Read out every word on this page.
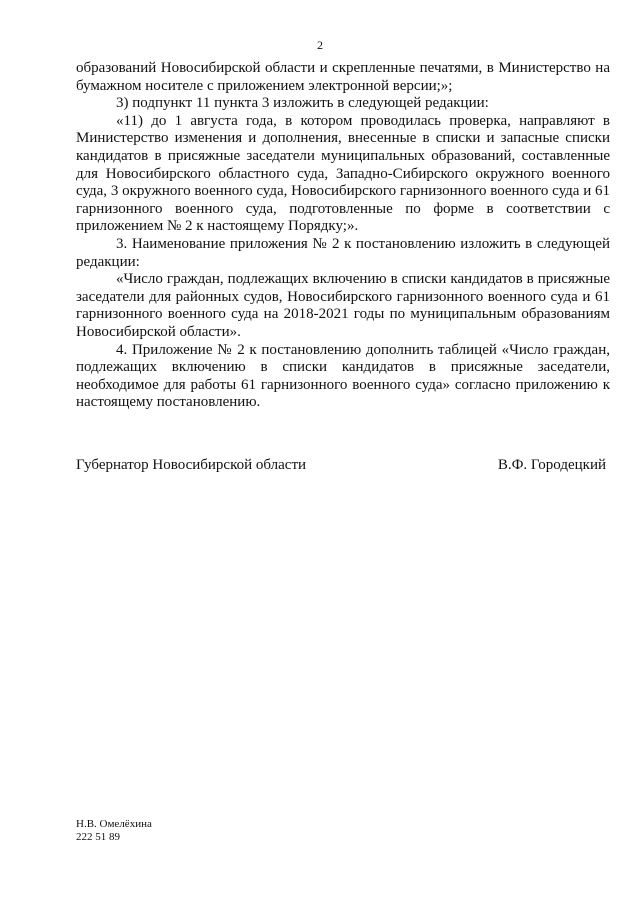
2

образований Новосибирской области и скрепленные печатями, в Министерство на бумажном носителе с приложением электронной версии;»;

3) подпункт 11 пункта 3 изложить в следующей редакции:

«11) до 1 августа года, в котором проводилась проверка, направляют в Министерство изменения и дополнения, внесенные в списки и запасные списки кандидатов в присяжные заседатели муниципальных образований, составленные для Новосибирского областного суда, Западно-Сибирского окружного военного суда, 3 окружного военного суда, Новосибирского гарнизонного военного суда и 61 гарнизонного военного суда, подготовленные по форме в соответствии с приложением № 2 к настоящему Порядку;».

3. Наименование приложения № 2 к постановлению изложить в следующей редакции:

«Число граждан, подлежащих включению в списки кандидатов в присяжные заседатели для районных судов, Новосибирского гарнизонного военного суда и 61 гарнизонного военного суда на 2018-2021 годы по муниципальным образованиям Новосибирской области».

4. Приложение № 2 к постановлению дополнить таблицей «Число граждан, подлежащих включению в списки кандидатов в присяжные заседатели, необходимое для работы 61 гарнизонного военного суда» согласно приложению к настоящему постановлению.

Губернатор Новосибирской области	В.Ф. Городецкий
Н.В. Омелёхина
222 51 89
